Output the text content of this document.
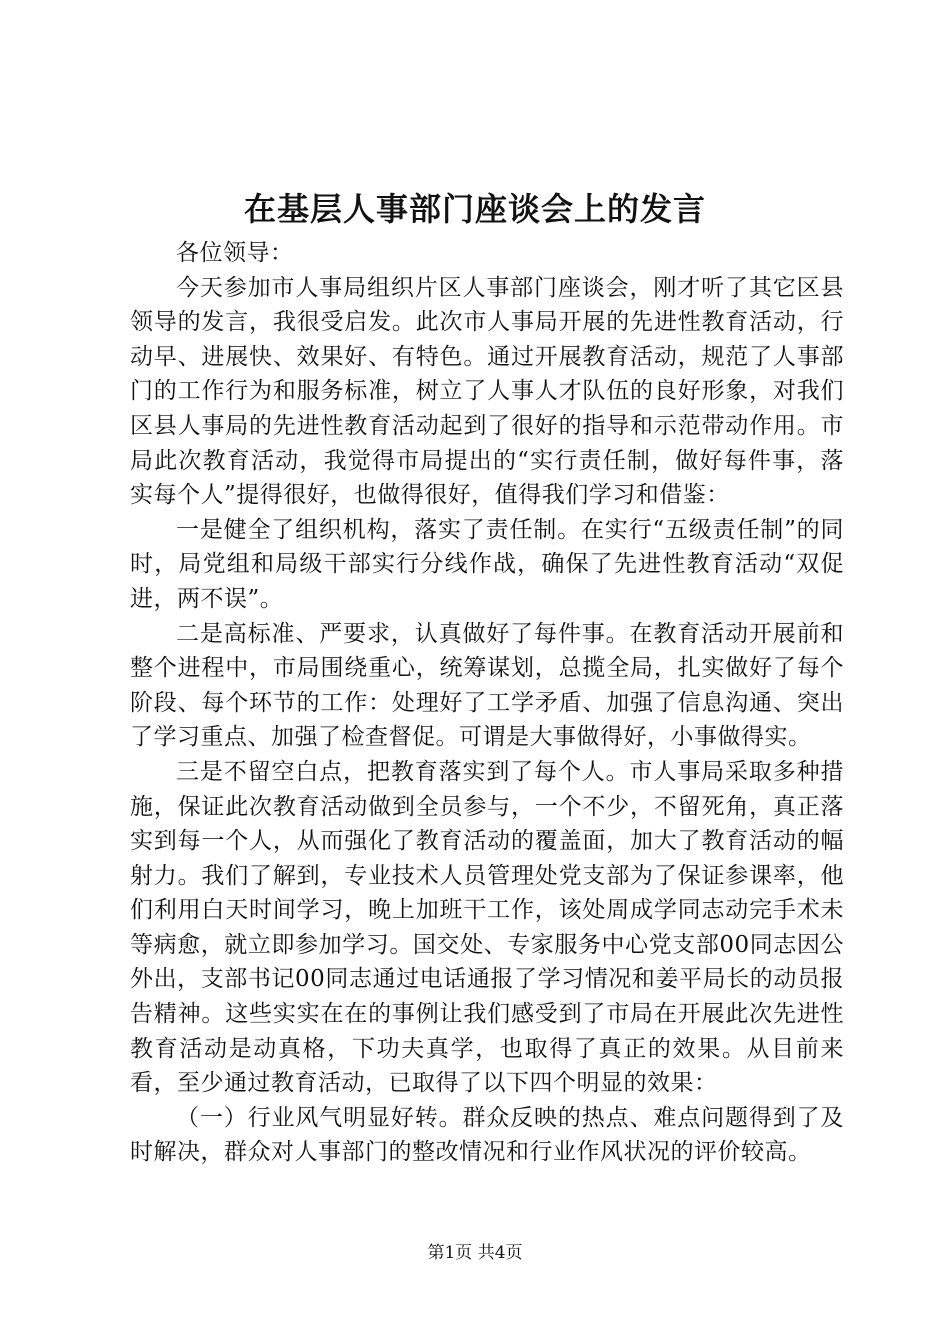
在基层人事部门座谈会上的发言

各位领导：

今天参加市人事局组织片区人事部门座谈会，刚才听了其它区县领导的发言，我很受启发。此次市人事局开展的先进性教育活动，行动早、进展快、效果好、有特色。通过开展教育活动，规范了人事部门的工作行为和服务标准，树立了人事人才队伍的良好形象，对我们区县人事局的先进性教育活动起到了很好的指导和示范带动作用。市局此次教育活动，我觉得市局提出的“实行责任制，做好每件事，落实每个人”提得很好，也做得很好，值得我们学习和借鉴：

一是健全了组织机构，落实了责任制。在实行“五级责任制”的同时，局党组和局级干部实行分线作战，确保了先进性教育活动“双促进，两不误”。

二是高标准、严要求，认真做好了每件事。在教育活动开展前和整个进程中，市局围绕重心，统筹谋划，总揽全局，扎实做好了每个阶段、每个环节的工作：处理好了工学矛盾、加强了信息沟通、突出了学习重点、加强了检查督促。可谓是大事做得好，小事做得实。

三是不留空白点，把教育落实到了每个人。市人事局采取多种措施，保证此次教育活动做到全员参与，一个不少，不留死角，真正落实到每一个人，从而强化了教育活动的覆盖面，加大了教育活动的幅射力。我们了解到，专业技术人员管理处党支部为了保证参课率，他们利用白天时间学习，晚上加班干工作，该处周成学同志动完手术未等病愈，就立即参加学习。国交处、专家服务中心党支部00同志因公外出，支部书记00同志通过电话通报了学习情况和姜平局长的动员报告精神。这些实实在在的事例让我们感受到了市局在开展此次先进性教育活动是动真格，下功夫真学，也取得了真正的效果。从目前来看，至少通过教育活动，已取得了以下四个明显的效果：

（一）行业风气明显好转。群众反映的热点、难点问题得到了及时解决，群众对人事部门的整改情况和行业作风状况的评价较高。

第1页 共4页
